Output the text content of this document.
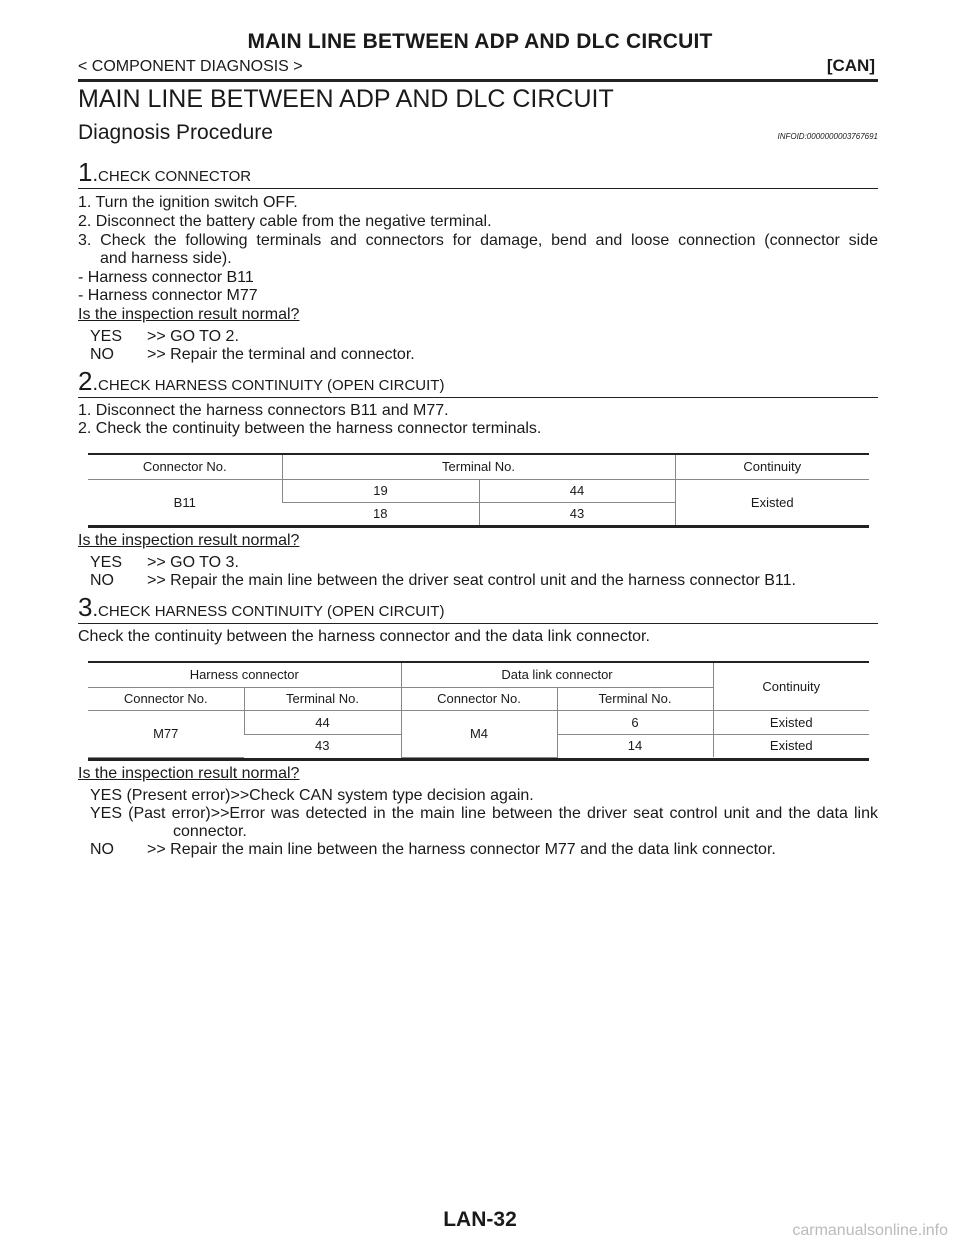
MAIN LINE BETWEEN ADP AND DLC CIRCUIT
< COMPONENT DIAGNOSIS >	[CAN]
MAIN LINE BETWEEN ADP AND DLC CIRCUIT
Diagnosis Procedure	INFOID:0000000003767691
1.CHECK CONNECTOR
1. Turn the ignition switch OFF.
2. Disconnect the battery cable from the negative terminal.
3. Check the following terminals and connectors for damage, bend and loose connection (connector side
and harness side).
- Harness connector B11
- Harness connector M77
Is the inspection result normal?
YES >> GO TO 2.
NO >> Repair the terminal and connector.
2.CHECK HARNESS CONTINUITY (OPEN CIRCUIT)
1. Disconnect the harness connectors B11 and M77.
2. Check the continuity between the harness connector terminals.
Connector No.	Terminal No.		Continuity
B11	19	44	Existed
	18	43	
Is the inspection result normal?
YES >> GO TO 3.
NO >> Repair the main line between the driver seat control unit and the harness connector B11.
3.CHECK HARNESS CONTINUITY (OPEN CIRCUIT)
Check the continuity between the harness connector and the data link connector.
Harness connector		Data link connector		Continuity
Connector No.	Terminal No.	Connector No.	Terminal No.	
M77	44	M4	6	Existed
	43		14	Existed
Is the inspection result normal?
YES (Present error)>>Check CAN system type decision again.
YES (Past error)>>Error was detected in the main line between the driver seat control unit and the data link
connector.
NO >> Repair the main line between the harness connector M77 and the data link connector.
LAN-32	carmanualsonline.info
